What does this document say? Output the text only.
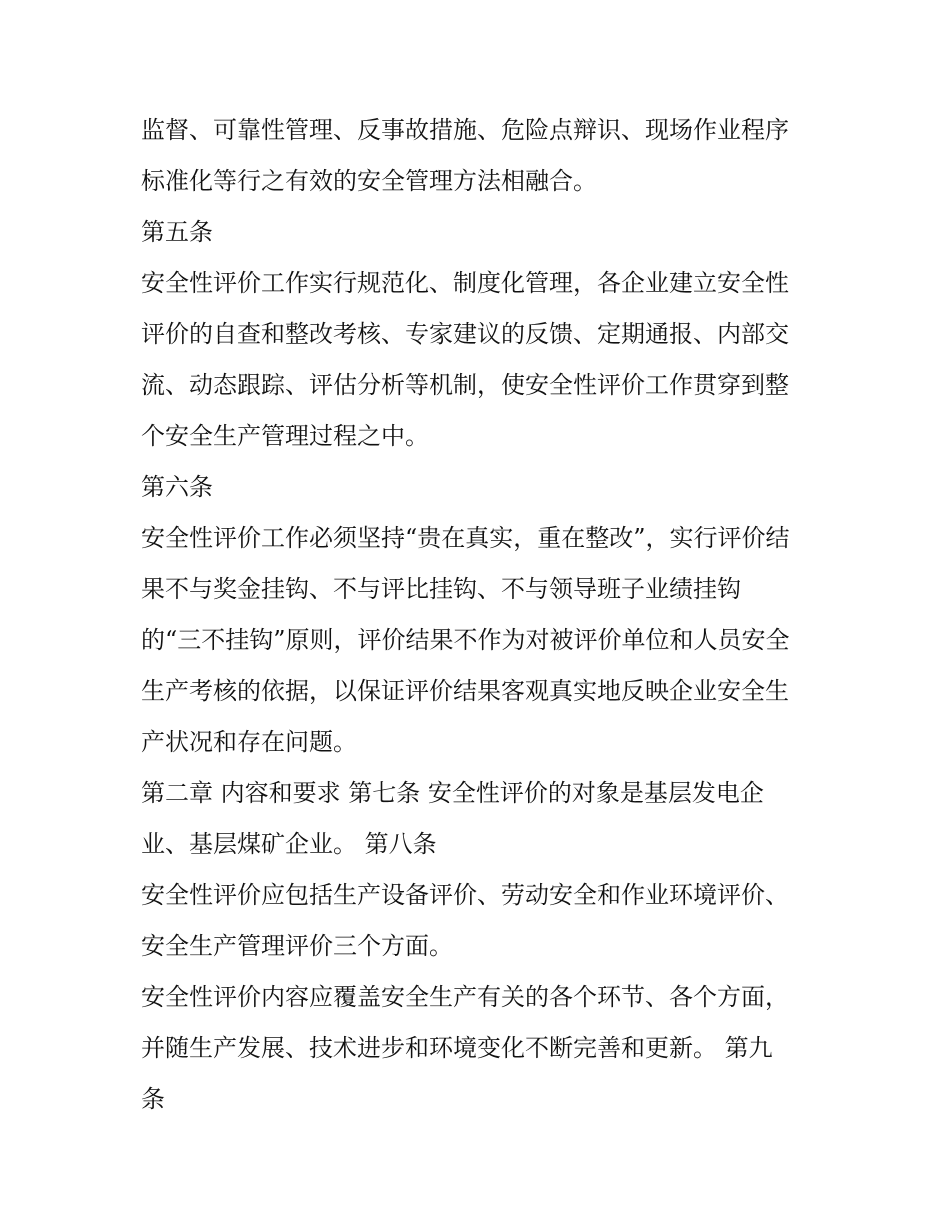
监督、可靠性管理、反事故措施、危险点辩识、现场作业程序
标准化等行之有效的安全管理方法相融合。
第五条
安全性评价工作实行规范化、制度化管理，各企业建立安全性
评价的自查和整改考核、专家建议的反馈、定期通报、内部交
流、动态跟踪、评估分析等机制，使安全性评价工作贯穿到整
个安全生产管理过程之中。
第六条
安全性评价工作必须坚持“贵在真实，重在整改”，实行评价结
果不与奖金挂钩、不与评比挂钩、不与领导班子业绩挂钩
的“三不挂钩”原则，评价结果不作为对被评价单位和人员安全
生产考核的依据，以保证评价结果客观真实地反映企业安全生
产状况和存在问题。
第二章 内容和要求 第七条 安全性评价的对象是基层发电企
业、基层煤矿企业。 第八条
安全性评价应包括生产设备评价、劳动安全和作业环境评价、
安全生产管理评价三个方面。
安全性评价内容应覆盖安全生产有关的各个环节、各个方面，
并随生产发展、技术进步和环境变化不断完善和更新。 第九
条
